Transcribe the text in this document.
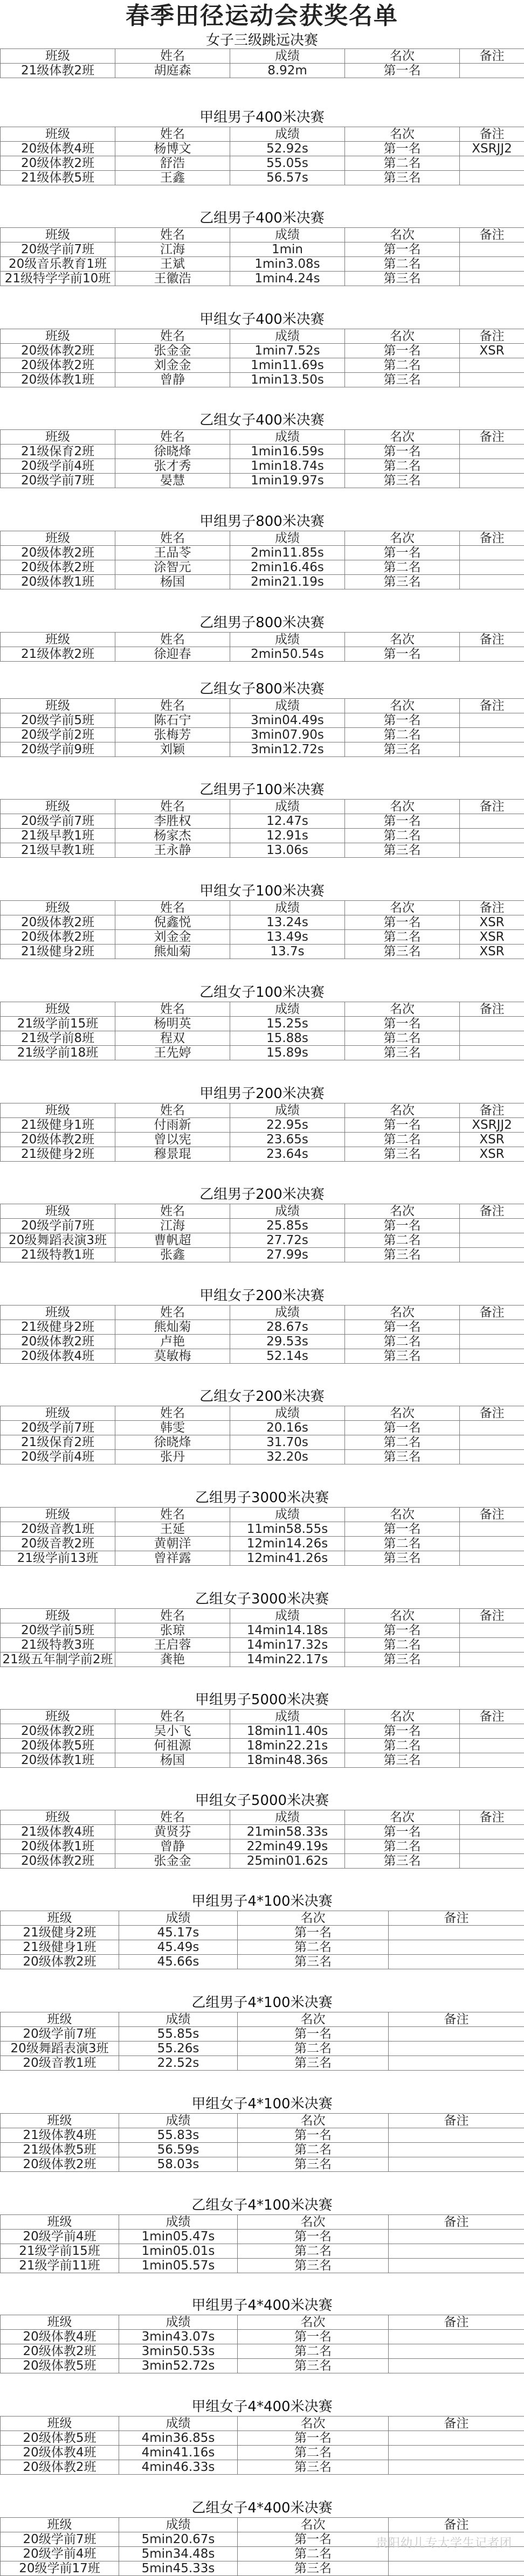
春季田径运动会获奖名单
女子三级跳远决赛
班级	姓名	成绩	名次	备注
21级体教2班	胡庭森	8.92m	第一名	
甲组男子400米决赛
班级	姓名	成绩	名次	备注
20级体教4班	杨博文	52.92s	第一名	XSRJJ2
20级体教2班	舒浩	55.05s	第二名	
21级体教5班	王鑫	56.57s	第三名	
乙组男子400米决赛
班级	姓名	成绩	名次	备注
20级学前7班	江海	1min	第一名	
20级音乐教育1班	王斌	1min3.08s	第二名	
21级特学学前10班	王徽浩	1min4.24s	第三名	
甲组女子400米决赛
班级	姓名	成绩	名次	备注
20级体教2班	张金金	1min7.52s	第一名	XSR
20级体教2班	刘金金	1min11.69s	第二名	
20级体教1班	曾静	1min13.50s	第三名	
乙组女子400米决赛
班级	姓名	成绩	名次	备注
21级保育2班	徐晓烽	1min16.59s	第一名	
20级学前4班	张才秀	1min18.74s	第二名	
20级学前7班	晏慧	1min19.97s	第三名	
甲组男子800米决赛
班级	姓名	成绩	名次	备注
20级体教2班	王品苓	2min11.85s	第一名	
20级体教2班	涂智元	2min16.46s	第二名	
20级体教1班	杨国	2min21.19s	第三名	
乙组男子800米决赛
班级	姓名	成绩	名次	备注
21级体教2班	徐迎春	2min50.54s	第一名	
乙组女子800米决赛
班级	姓名	成绩	名次	备注
20级学前5班	陈石宁	3min04.49s	第一名	
20级学前2班	张梅芳	3min07.90s	第二名	
20级学前9班	刘颖	3min12.72s	第三名	
乙组男子100米决赛
班级	姓名	成绩	名次	备注
20级学前7班	李胜权	12.47s	第一名	
21级早教1班	杨家杰	12.91s	第二名	
21级早教1班	王永静	13.06s	第三名	
甲组女子100米决赛
班级	姓名	成绩	名次	备注
20级体教2班	倪鑫悦	13.24s	第一名	XSR
20级体教2班	刘金金	13.49s	第二名	XSR
21级健身2班	熊灿菊	13.7s	第三名	XSR
乙组女子100米决赛
班级	姓名	成绩	名次	备注
21级学前15班	杨明英	15.25s	第一名	
21级学前8班	程双	15.88s	第二名	
21级学前18班	王先婷	15.89s	第三名	
甲组男子200米决赛
班级	姓名	成绩	名次	备注
21级健身1班	付雨新	22.95s	第一名	XSRJJ2
20级体教2班	曾以宪	23.65s	第二名	XSR
21级健身2班	穆景琨	23.64s	第三名	XSR
乙组男子200米决赛
班级	姓名	成绩	名次	备注
20级学前7班	江海	25.85s	第一名	
20级舞蹈表演3班	曹帆超	27.72s	第二名	
21级特教1班	张鑫	27.99s	第三名	
甲组女子200米决赛
班级	姓名	成绩	名次	备注
21级健身2班	熊灿菊	28.67s	第一名	
20级体教2班	卢艳	29.53s	第二名	
20级体教4班	莫敏梅	52.14s	第三名	
乙组女子200米决赛
班级	姓名	成绩	名次	备注
20级学前7班	韩雯	20.16s	第一名	
21级保育2班	徐晓烽	31.70s	第二名	
20级学前4班	张丹	32.20s	第三名	
乙组男子3000米决赛
班级	姓名	成绩	名次	备注
20级音教1班	王延	11min58.55s	第一名	
20级音教2班	黄朝洋	12min14.26s	第二名	
21级学前13班	曾祥露	12min41.26s	第三名	
乙组女子3000米决赛
班级	姓名	成绩	名次	备注
20级学前5班	张琼	14min14.18s	第一名	
21级特教3班	王启蓉	14min17.32s	第二名	
21级五年制学前2班	龚艳	14min22.17s	第三名	
甲组男子5000米决赛
班级	姓名	成绩	名次	备注
20级体教2班	吴小飞	18min11.40s	第一名	
20级体教5班	何祖源	18min22.21s	第二名	
20级体教1班	杨国	18min48.36s	第三名	
甲组女子5000米决赛
班级	姓名	成绩	名次	备注
21级体教4班	黄贤芬	21min58.33s	第一名	
20级体教1班	曾静	22min49.19s	第二名	
20级体教2班	张金金	25min01.62s	第三名	
甲组男子4*100米决赛
班级	成绩	名次	备注
21级健身2班	45.17s	第一名	
21级健身1班	45.49s	第二名	
20级体教2班	45.66s	第三名	
乙组男子4*100米决赛
班级	成绩	名次	备注
20级学前7班	55.85s	第一名	
20级舞蹈表演3班	55.26s	第二名	
20级音教1班	22.52s	第三名	
甲组女子4*100米决赛
班级	成绩	名次	备注
21级体教4班	55.83s	第一名	
21级体教5班	56.59s	第二名	
20级体教2班	58.03s	第三名	
乙组女子4*100米决赛
班级	成绩	名次	备注
20级学前4班	1min05.47s	第一名	
21级学前15班	1min05.01s	第二名	
21级学前11班	1min05.57s	第三名	
甲组男子4*400米决赛
班级	成绩	名次	备注
20级体教4班	3min43.07s	第一名	
20级体教2班	3min50.53s	第二名	
20级体教5班	3min52.72s	第三名	
甲组女子4*400米决赛
班级	成绩	名次	备注
20级体教5班	4min36.85s	第一名	
20级体教4班	4min41.16s	第二名	
20级体教2班	4min46.33s	第三名	
乙组女子4*400米决赛
班级	成绩	名次	备注
20级学前7班	5min20.67s	第一名	
20级学前4班	5min34.48s	第二名	
20级学前17班	5min45.33s	第三名	
贵阳幼儿专大学生记者团
